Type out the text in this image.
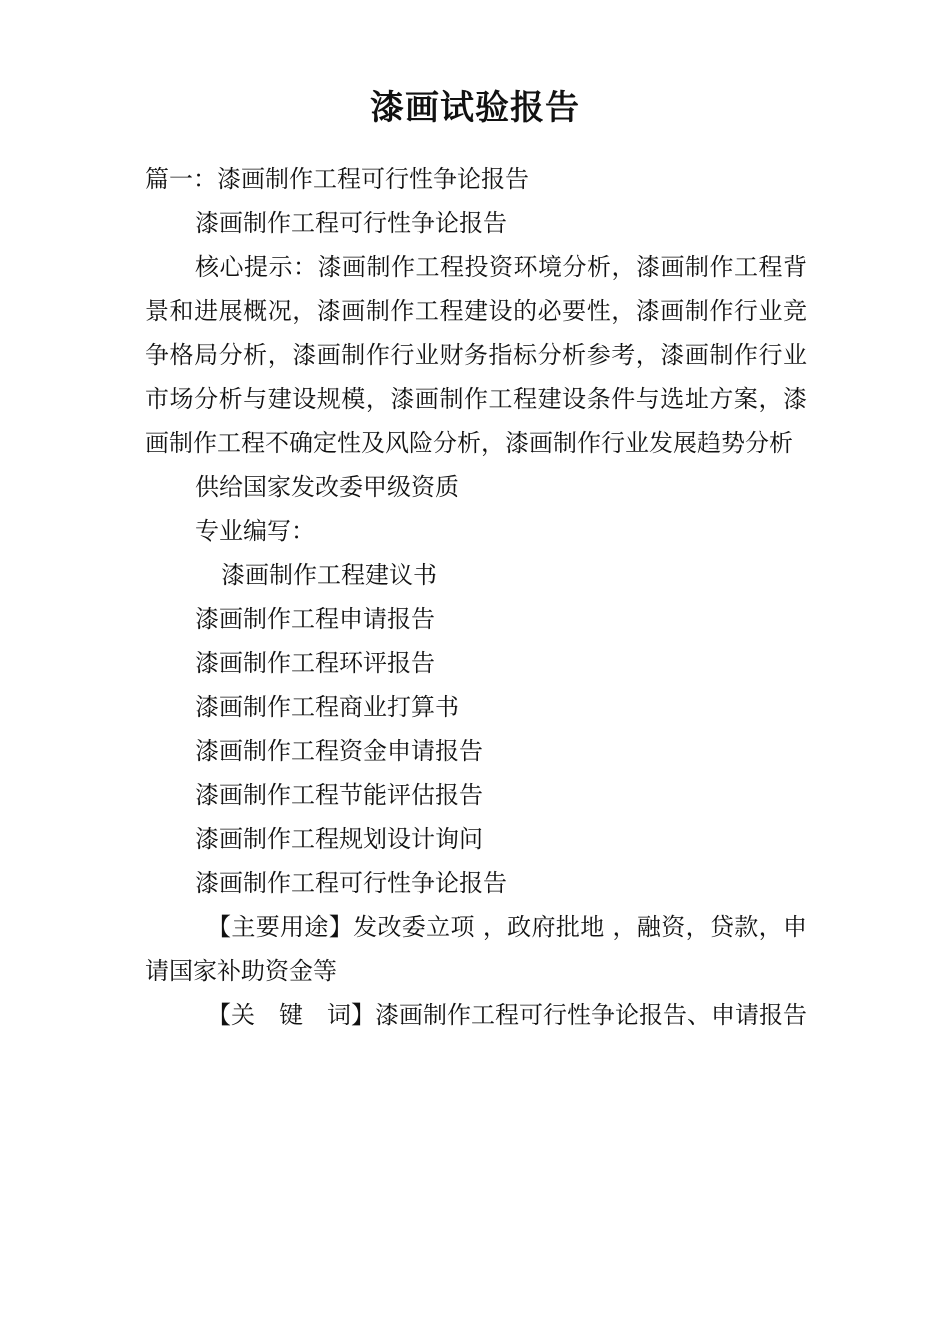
漆画试验报告
篇一：漆画制作工程可行性争论报告
漆画制作工程可行性争论报告
核心提示：漆画制作工程投资环境分析，漆画制作工程背景和进展概况，漆画制作工程建设的必要性，漆画制作行业竞争格局分析，漆画制作行业财务指标分析参考，漆画制作行业市场分析与建设规模，漆画制作工程建设条件与选址方案，漆画制作工程不确定性及风险分析，漆画制作行业发展趋势分析
供给国家发改委甲级资质
专业编写：
漆画制作工程建议书
漆画制作工程申请报告
漆画制作工程环评报告
漆画制作工程商业打算书
漆画制作工程资金申请报告
漆画制作工程节能评估报告
漆画制作工程规划设计询问
漆画制作工程可行性争论报告
【主要用途】发改委立项 ，政府批地 ，融资，贷款，申请国家补助资金等
【关　键　词】漆画制作工程可行性争论报告、申请报告
